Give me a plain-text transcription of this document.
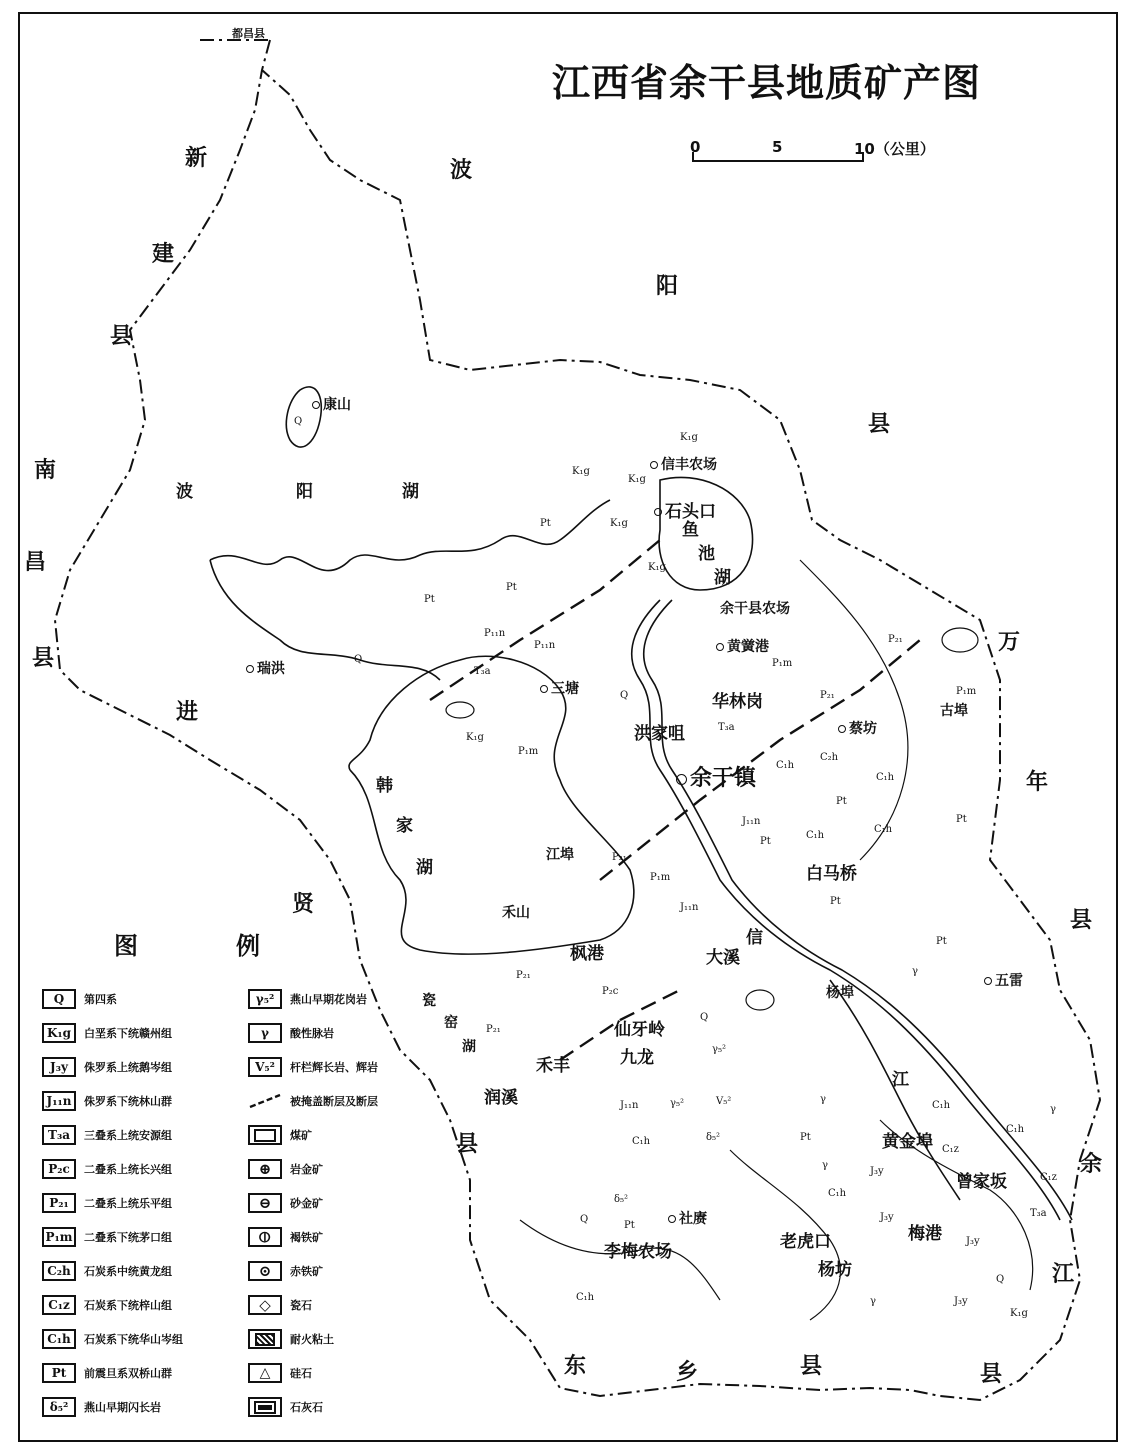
江西省余干县地质矿产图
0	5	10（公里）
都昌县
新
建
县
波
阳
县
南
昌
县
进
贤
县
万
年
县
余
江
县
东	乡	县
波	阳	湖
韩
家
湖
鱼
池
湖
信
江
瓷
窑
湖
康山
信丰农场
石头口
余干县农场
瑞洪
三塘
黄黉港
华林岗
洪家咀
余干镇
蔡坊
古埠
江埠
白马桥
禾山
枫港	大溪
五雷
杨埠
仙牙岭
禾丰	九龙
润溪
黄金埠
曾家坂
社赓
李梅农场	老虎口	梅港
杨坊
Q
Q
Q
Q
Q
Q
K₁g
K₁g
K₁g
K₁g
K₁g
K₁g
K₁g
Pt
Pt
Pt
Pt
Pt
Pt
Pt
Pt
Pt
Pt
P₁m
P₁m
P₁m
P₁m
P₁₁n
P₁₁n
T₃a
T₃a
T₃a
P₂₁
P₂₁
P₂₁
P₂₁
P₂₁
P₂c
C₂h
C₁h
C₁h
C₁h
C₁h
C₁h
C₁h
C₁h
C₁h
C₁h
C₁z
C₁z
J₃y
J₃y
J₃y
J₃y
J₁₁n
J₁₁n
J₁₁n
γ
γ
γ
γ
γ
γ₅²
γ₅²
δ₅²
δ₅²
V₅²
图	例
Q	第四系
K₁g	白垩系下统赣州组
J₃y	侏罗系上统鹅岑组
J₁₁n	侏罗系下统林山群
T₃a	三叠系上统安源组
P₂c	二叠系上统长兴组
P₂₁	二叠系上统乐平组
P₁m	二叠系下统茅口组
C₂h	石炭系中统黄龙组
C₁z	石炭系下统梓山组
C₁h	石炭系下统华山岑组
Pt	前震旦系双桥山群
δ₅²	燕山早期闪长岩
γ₅²	燕山早期花岗岩
γ	酸性脉岩
V₅²	杆栏辉长岩、辉岩
被掩盖断层及断层
煤矿
⊕	岩金矿
⊖	砂金矿
⦶	褐铁矿
⊙	赤铁矿
◇	瓷石
耐火粘土
△	硅石
石灰石
